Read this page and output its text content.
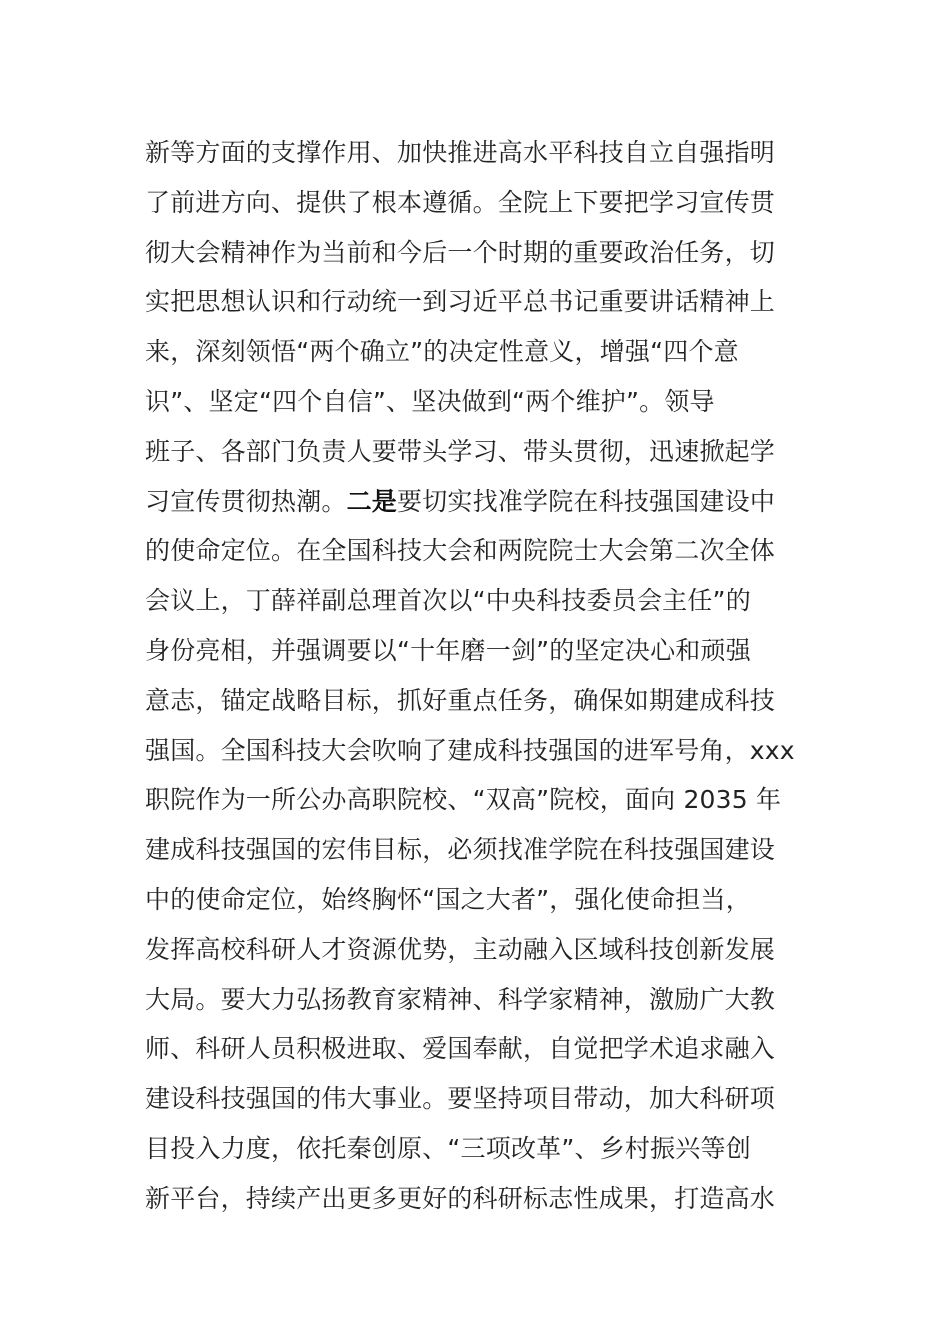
新等方面的支撑作用、加快推进高水平科技自立自强指明
了前进方向、提供了根本遵循。全院上下要把学习宣传贯
彻大会精神作为当前和今后一个时期的重要政治任务，切
实把思想认识和行动统一到习近平总书记重要讲话精神上
来，深刻领悟“两个确立”的决定性意义，增强“四个意
识”、坚定“四个自信”、坚决做到“两个维护”。领导
班子、各部门负责人要带头学习、带头贯彻，迅速掀起学
习宣传贯彻热潮。二是要切实找准学院在科技强国建设中
的使命定位。在全国科技大会和两院院士大会第二次全体
会议上，丁薛祥副总理首次以“中央科技委员会主任”的
身份亮相，并强调要以“十年磨一剑”的坚定决心和顽强
意志，锚定战略目标，抓好重点任务，确保如期建成科技
强国。全国科技大会吹响了建成科技强国的进军号角，xxx
职院作为一所公办高职院校、“双高”院校，面向 2035 年
建成科技强国的宏伟目标，必须找准学院在科技强国建设
中的使命定位，始终胸怀“国之大者”，强化使命担当，
发挥高校科研人才资源优势，主动融入区域科技创新发展
大局。要大力弘扬教育家精神、科学家精神，激励广大教
师、科研人员积极进取、爱国奉献，自觉把学术追求融入
建设科技强国的伟大事业。要坚持项目带动，加大科研项
目投入力度，依托秦创原、“三项改革”、乡村振兴等创
新平台，持续产出更多更好的科研标志性成果，打造高水
